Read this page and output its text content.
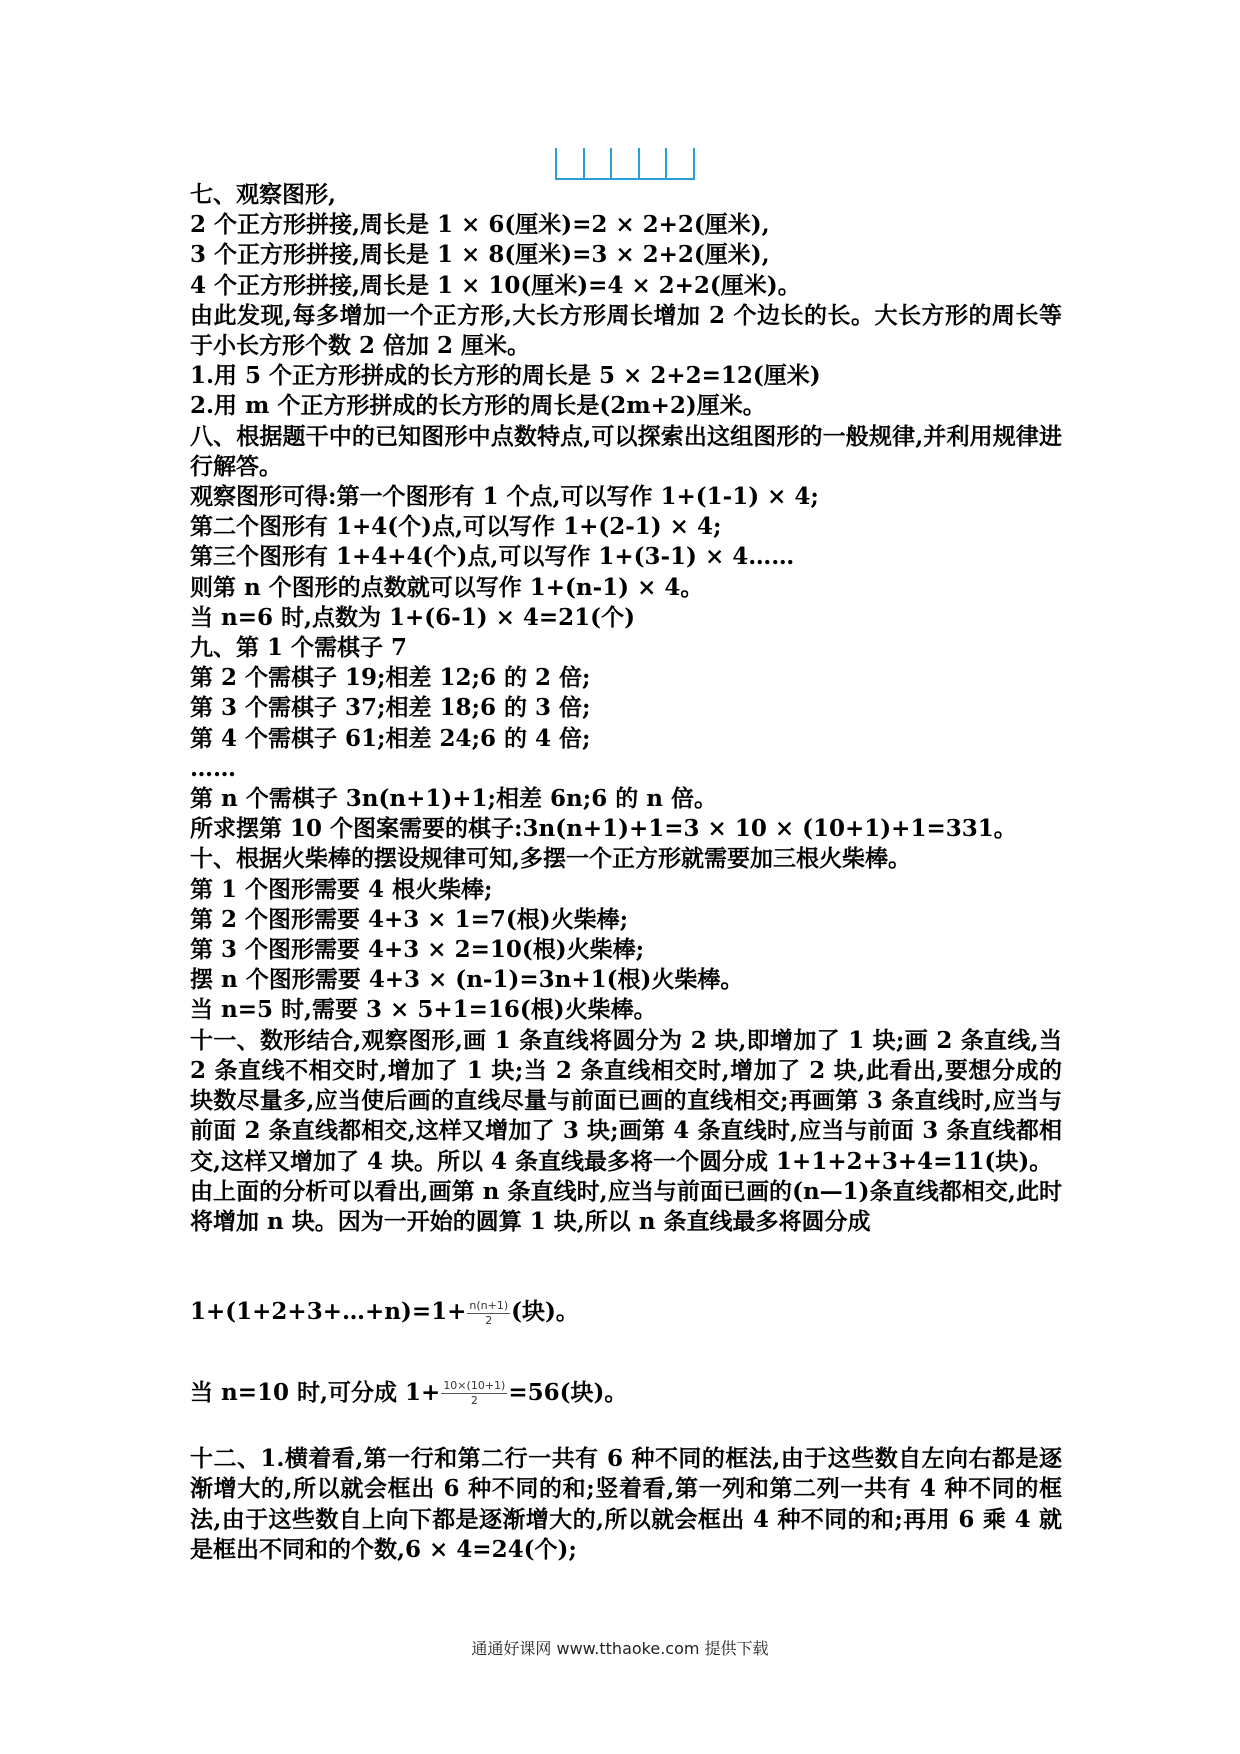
七、观察图形,
2 个正方形拼接,周长是 1 × 6(厘米)=2 × 2+2(厘米),
3 个正方形拼接,周长是 1 × 8(厘米)=3 × 2+2(厘米),
4 个正方形拼接,周长是 1 × 10(厘米)=4 × 2+2(厘米)。
由此发现,每多增加一个正方形,大长方形周长增加 2 个边长的长。大长方形的周长等于小长方形个数 2 倍加 2 厘米。
1.用 5 个正方形拼成的长方形的周长是 5 × 2+2=12(厘米)
2.用 m 个正方形拼成的长方形的周长是(2m+2)厘米。
八、根据题干中的已知图形中点数特点,可以探索出这组图形的一般规律,并利用规律进行解答。
观察图形可得:第一个图形有 1 个点,可以写作 1+(1-1) × 4;
第二个图形有 1+4(个)点,可以写作 1+(2-1) × 4;
第三个图形有 1+4+4(个)点,可以写作 1+(3-1) × 4……
则第 n 个图形的点数就可以写作 1+(n-1) × 4。
当 n=6 时,点数为 1+(6-1) × 4=21(个)
九、第 1 个需棋子 7
第 2 个需棋子 19;相差 12;6 的 2 倍;
第 3 个需棋子 37;相差 18;6 的 3 倍;
第 4 个需棋子 61;相差 24;6 的 4 倍;
……
第 n 个需棋子 3n(n+1)+1;相差 6n;6 的 n 倍。
所求摆第 10 个图案需要的棋子:3n(n+1)+1=3 × 10 × (10+1)+1=331。
十、根据火柴棒的摆设规律可知,多摆一个正方形就需要加三根火柴棒。
第 1 个图形需要 4 根火柴棒;
第 2 个图形需要 4+3 × 1=7(根)火柴棒;
第 3 个图形需要 4+3 × 2=10(根)火柴棒;
摆 n 个图形需要 4+3 × (n-1)=3n+1(根)火柴棒。
当 n=5 时,需要 3 × 5+1=16(根)火柴棒。
十一、数形结合,观察图形,画 1 条直线将圆分为 2 块,即增加了 1 块;画 2 条直线,当 2 条直线不相交时,增加了 1 块;当 2 条直线相交时,增加了 2 块,此看出,要想分成的块数尽量多,应当使后画的直线尽量与前面已画的直线相交;再画第 3 条直线时,应当与前面 2 条直线都相交,这样又增加了 3 块;画第 4 条直线时,应当与前面 3 条直线都相交,这样又增加了 4 块。所以 4 条直线最多将一个圆分成 1+1+2+3+4=11(块)。
由上面的分析可以看出,画第 n 条直线时,应当与前面已画的(n—1)条直线都相交,此时将增加 n 块。因为一开始的圆算 1 块,所以 n 条直线最多将圆分成
1+(1+2+3+…+n)=1+ $\frac{n(n+1)}{2}$ (块)。
当 n=10 时,可分成 $1+ \frac{10\times(10+1)}{2} =56$(块)。
十二、1.横着看,第一行和第二行一共有 6 种不同的框法,由于这些数自左向右都是逐渐增大的,所以就会框出 6 种不同的和;竖着看,第一列和第二列一共有 4 种不同的框法,由于这些数自上向下都是逐渐增大的,所以就会框出 4 种不同的和;再用 6 乘 4 就是框出不同和的个数,6 × 4=24(个);
通通好课网 www.tthaoke.com 提供下载
